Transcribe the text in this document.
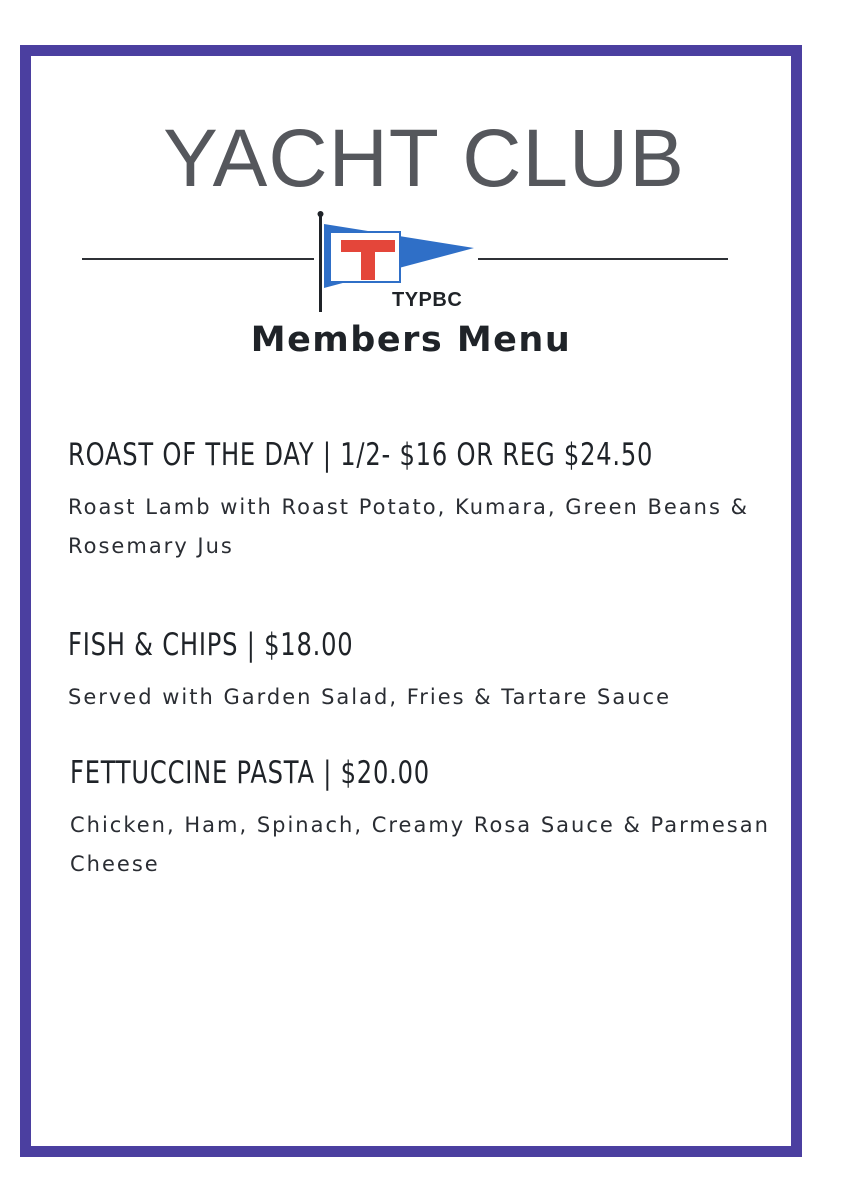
YACHT CLUB
TYPBC
Members Menu
ROAST OF THE DAY | 1/2- $16 OR REG $24.50
Roast Lamb with Roast Potato, Kumara, Green Beans & Rosemary Jus
FISH & CHIPS | $18.00
Served with Garden Salad, Fries & Tartare Sauce
FETTUCCINE PASTA | $20.00
Chicken, Ham, Spinach, Creamy Rosa Sauce & Parmesan Cheese
